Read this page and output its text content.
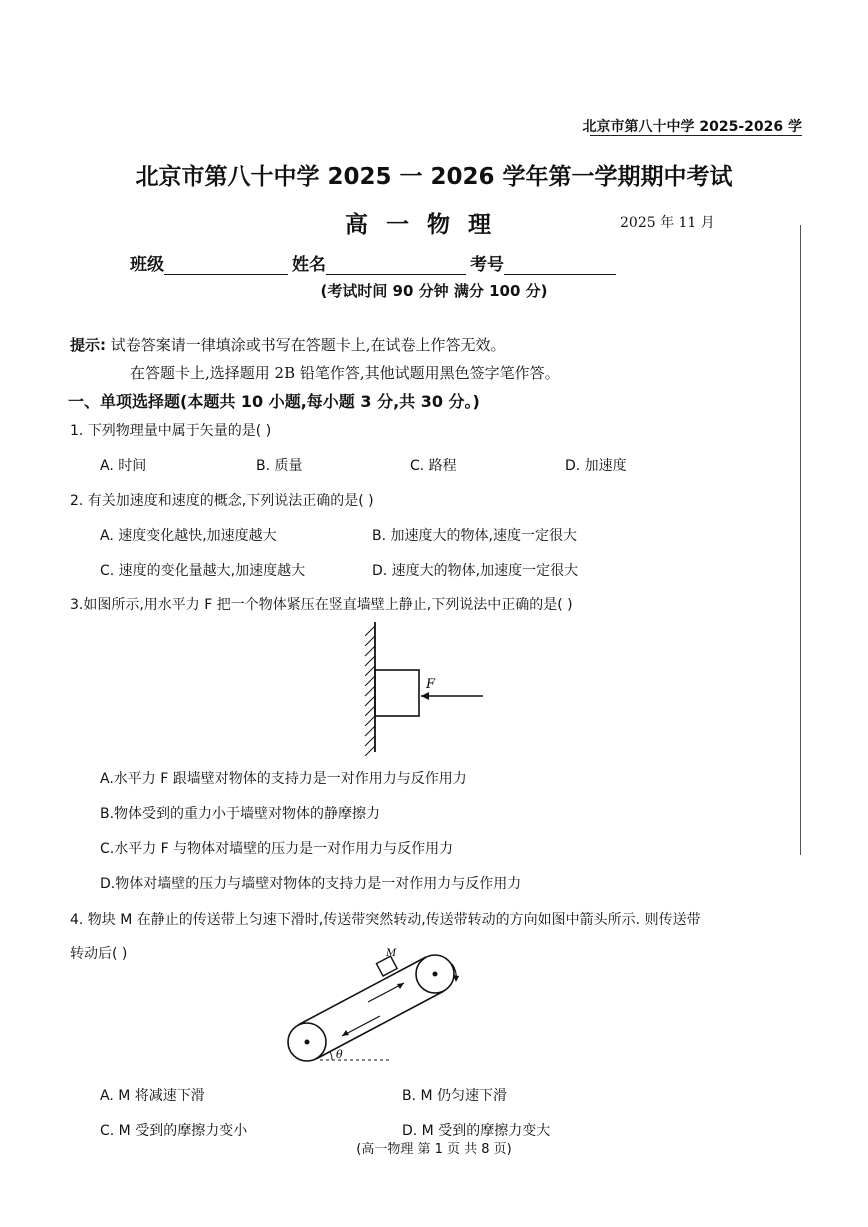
北京市第八十中学 2025-2026 学
北京市第八十中学 2025 一 2026 学年第一学期期中考试
高一物理	2025 年 11 月
班级	姓名	考号
(考试时间 90 分钟 满分 100 分)
提示: 试卷答案请一律填涂或书写在答题卡上,在试卷上作答无效。
在答题卡上,选择题用 2B 铅笔作答,其他试题用黑色签字笔作答。
一、单项选择题(本题共 10 小题,每小题 3 分,共 30 分。)
1. 下列物理量中属于矢量的是( )
A. 时间	B. 质量	C. 路程	D. 加速度
2. 有关加速度和速度的概念,下列说法正确的是( )
A. 速度变化越快,加速度越大	B. 加速度大的物体,速度一定很大
C. 速度的变化量越大,加速度越大	D. 速度大的物体,加速度一定很大
3.如图所示,用水平力 F 把一个物体紧压在竖直墙壁上静止,下列说法中正确的是( )
F
A.水平力 F 跟墙壁对物体的支持力是一对作用力与反作用力
B.物体受到的重力小于墙壁对物体的静摩擦力
C.水平力 F 与物体对墙壁的压力是一对作用力与反作用力
D.物体对墙壁的压力与墙壁对物体的支持力是一对作用力与反作用力
4. 物块 M 在静止的传送带上匀速下滑时,传送带突然转动,传送带转动的方向如图中箭头所示. 则传送带
转动后( )	M
θ
A. M 将减速下滑	B. M 仍匀速下滑
C. M 受到的摩擦力变小	D. M 受到的摩擦力变大
(高一物理 第 1 页 共 8 页)
